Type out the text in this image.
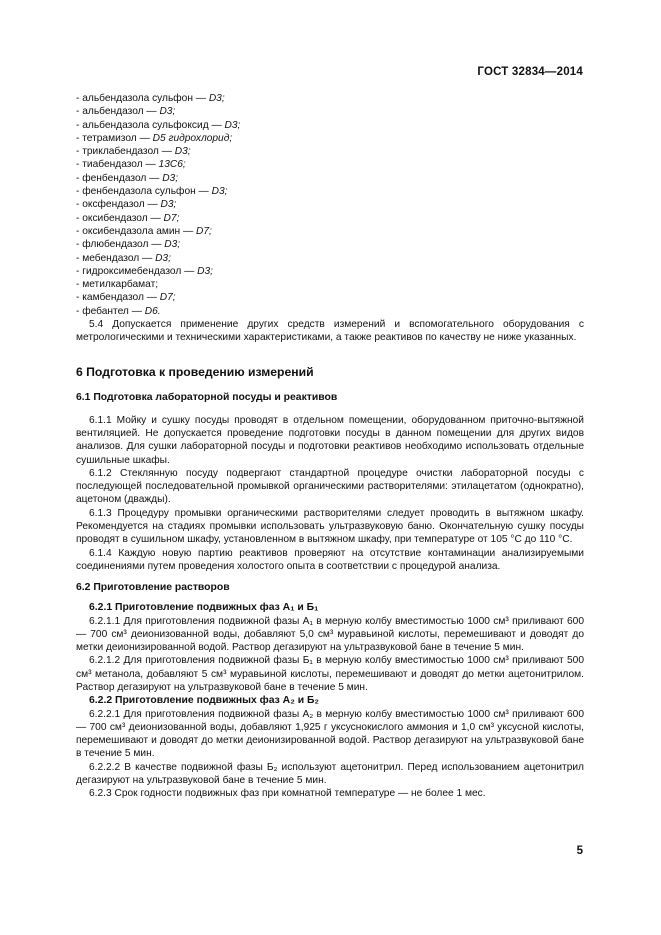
ГОСТ 32834—2014
- альбендазола сульфон — D3;
- альбендазол — D3;
- альбендазола сульфоксид — D3;
- тетрамизол — D5 гидрохлорид;
- триклабендазол — D3;
- тиабендазол — 13C6;
- фенбендазол — D3;
- фенбендазола сульфон — D3;
- оксфендазол — D3;
- оксибендазол — D7;
- оксибендазола амин — D7;
- флюбендазол — D3;
- мебендазол — D3;
- гидроксимебендазол — D3;
- метилкарбамат;
- камбендазол — D7;
- фебантел — D6.

5.4 Допускается применение других средств измерений и вспомогательного оборудования с метрологическими и техническими характеристиками, а также реактивов по качеству не ниже указанных.

6 Подготовка к проведению измерений
6.1 Подготовка лабораторной посуды и реактивов

6.1.1 Мойку и сушку посуды проводят в отдельном помещении, оборудованном приточно-вытяжной вентиляцией. Не допускается проведение подготовки посуды в данном помещении для других видов анализов. Для сушки лабораторной посуды и подготовки реактивов необходимо использовать отдельные сушильные шкафы.

6.1.2 Стеклянную посуду подвергают стандартной процедуре очистки лабораторной посуды с последующей последовательной промывкой органическими растворителями: этилацетатом (однократно), ацетоном (дважды).

6.1.3 Процедуру промывки органическими растворителями следует проводить в вытяжном шкафу. Рекомендуется на стадиях промывки использовать ультразвуковую баню. Окончательную сушку посуды проводят в сушильном шкафу, установленном в вытяжном шкафу, при температуре от 105 °C до 110 °C.

6.1.4 Каждую новую партию реактивов проверяют на отсутствие контаминации анализируемыми соединениями путем проведения холостого опыта в соответствии с процедурой анализа.

6.2 Приготовление растворов
6.2.1 Приготовление подвижных фаз А₁ и Б₁

6.2.1.1 Для приготовления подвижной фазы А₁ в мерную колбу вместимостью 1000 см³ приливают 600 — 700 см³ деионизованной воды, добавляют 5,0 см³ муравьиной кислоты, перемешивают и доводят до метки деионизированной водой. Раствор дегазируют на ультразвуковой бане в течение 5 мин.

6.2.1.2 Для приготовления подвижной фазы Б₁ в мерную колбу вместимостью 1000 см³ приливают 500 см³ метанола, добавляют 5 см³ муравьиной кислоты, перемешивают и доводят до метки ацетонитрилом. Раствор дегазируют на ультразвуковой бане в течение 5 мин.

6.2.2 Приготовление подвижных фаз А₂ и Б₂

6.2.2.1 Для приготовления подвижной фазы А₂ в мерную колбу вместимостью 1000 см³ приливают 600 — 700 см³ деионизованной воды, добавляют 1,925 г уксуснокислого аммония и 1,0 см³ уксусной кислоты, перемешивают и доводят до метки деионизированной водой. Раствор дегазируют на ультразвуковой бане в течение 5 мин.

6.2.2.2 В качестве подвижной фазы Б₂ используют ацетонитрил. Перед использованием ацетонитрил дегазируют на ультразвуковой бане в течение 5 мин.

6.2.3 Срок годности подвижных фаз при комнатной температуре — не более 1 мес.

5
